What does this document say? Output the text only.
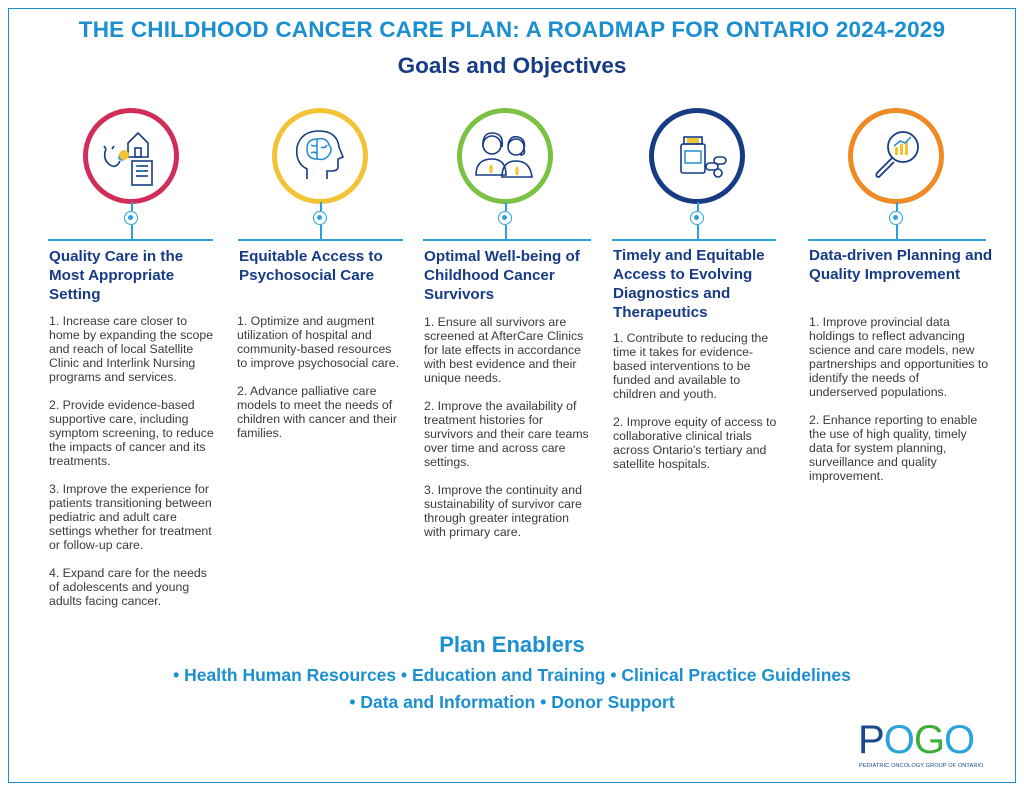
THE CHILDHOOD CANCER CARE PLAN: A ROADMAP FOR ONTARIO 2024-2029
Goals and Objectives
Quality Care in the Most Appropriate Setting

1. Increase care closer to home by expanding the scope and reach of local Satellite Clinic and Interlink Nursing programs and services.

2. Provide evidence-based supportive care, including symptom screening, to reduce the impacts of cancer and its treatments.

3. Improve the experience for patients transitioning between pediatric and adult care settings whether for treatment or follow-up care.

4. Expand care for the needs of adolescents and young adults facing cancer.

Equitable Access to Psychosocial Care

1. Optimize and augment utilization of hospital and community-based resources to improve psychosocial care.

2. Advance palliative care models to meet the needs of children with cancer and their families.

Optimal Well-being of Childhood Cancer Survivors

1. Ensure all survivors are screened at AfterCare Clinics for late effects in accordance with best evidence and their unique needs.

2. Improve the availability of treatment histories for survivors and their care teams over time and across care settings.

3. Improve the continuity and sustainability of survivor care through greater integration with primary care.

Timely and Equitable Access to Evolving Diagnostics and Therapeutics

1. Contribute to reducing the time it takes for evidence-based interventions to be funded and available to children and youth.

2. Improve equity of access to collaborative clinical trials across Ontario's tertiary and satellite hospitals.

Data-driven Planning and Quality Improvement

1. Improve provincial data holdings to reflect advancing science and care models, new partnerships and opportunities to identify the needs of underserved populations.

2. Enhance reporting to enable the use of high quality, timely data for system planning, surveillance and quality improvement.

Plan Enablers
• Health Human Resources • Education and Training • Clinical Practice Guidelines
• Data and Information • Donor Support
POGO
PEDIATRIC ONCOLOGY GROUP OF ONTARIO
